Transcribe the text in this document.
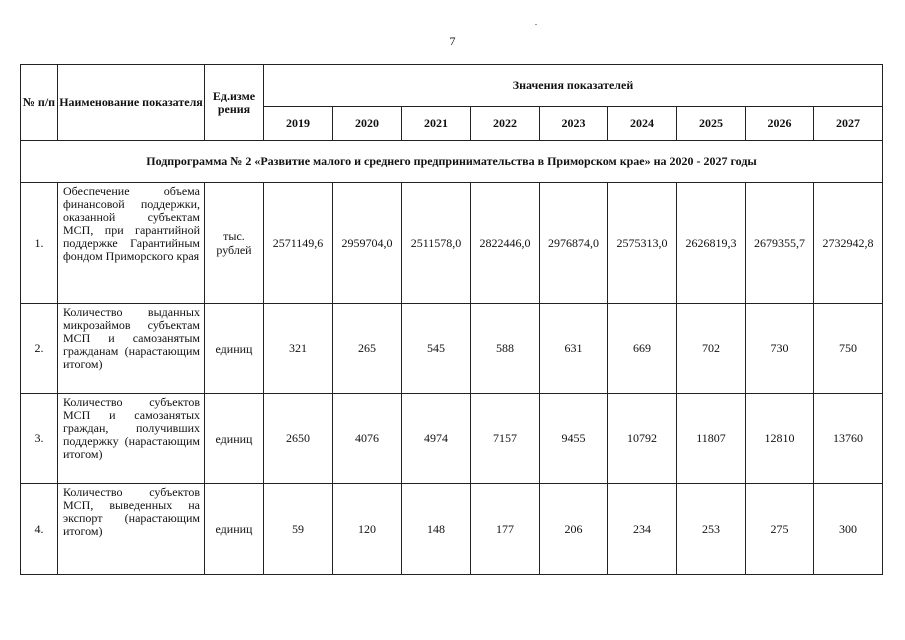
7
№ п/п	Наименование показателя	Ед.изме рения	Значения показателей								
			2019	2020	2021	2022	2023	2024	2025	2026	2027
Подпрограмма № 2 «Развитие малого и среднего предпринимательства в Приморском крае» на 2020 - 2027 годы											
1.	Обеспечение объема финансовой поддержки, оказанной субъектам МСП, при гарантийной поддержке Гарантийным фондом Приморского края	тыс. рублей	2571149,6	2959704,0	2511578,0	2822446,0	2976874,0	2575313,0	2626819,3	2679355,7	2732942,8
2.	Количество выданных микрозаймов субъектам МСП и самозанятым гражданам (нарастающим итогом)	единиц	321	265	545	588	631	669	702	730	750
3.	Количество субъектов МСП и самозанятых граждан, получивших поддержку (нарастающим итогом)	единиц	2650	4076	4974	7157	9455	10792	11807	12810	13760
4.	Количество субъектов МСП, выведенных на экспорт (нарастающим итогом)	единиц	59	120	148	177	206	234	253	275	300
